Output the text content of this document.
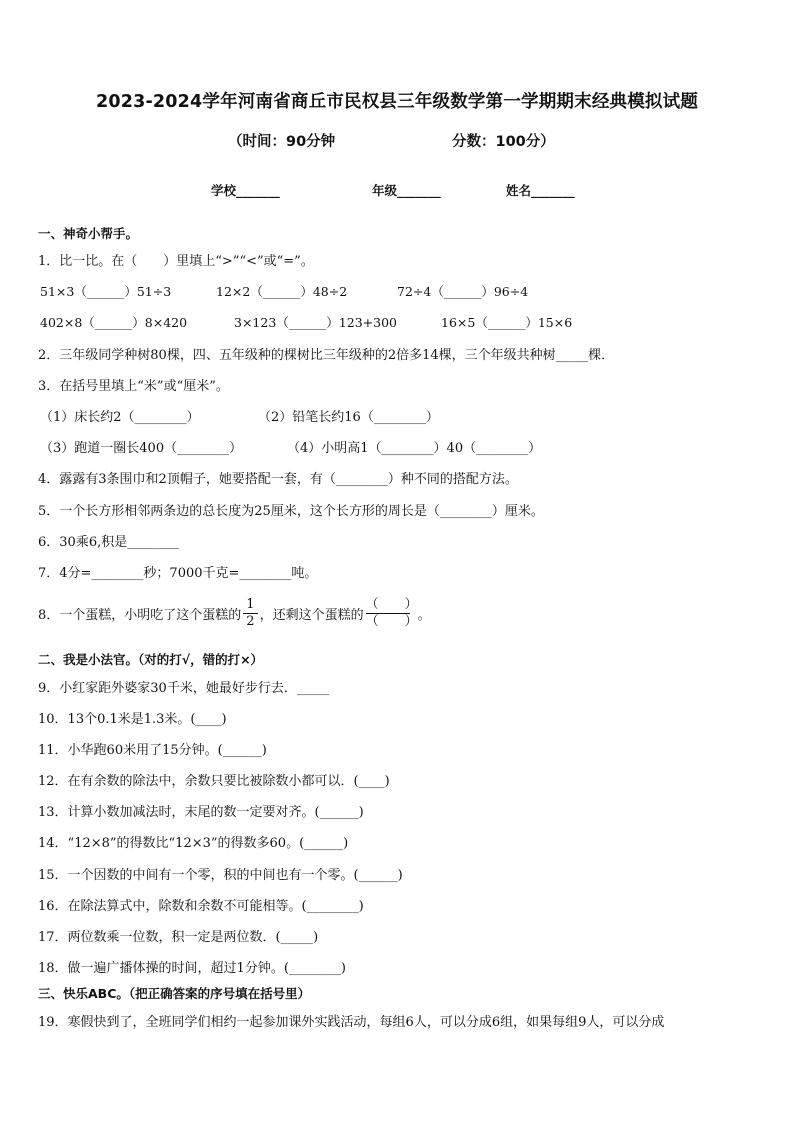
2023-2024学年河南省商丘市民权县三年级数学第一学期期末经典模拟试题
（时间：90分钟	分数：100分）
学校_______	年级_______	姓名_______
一、神奇小帮手。
1．比一比。在（　　）里填上“>”“<”或“=”。
51×3（______）51÷3	12×2（______）48÷2	72÷4（______）96÷4
402×8（______）8×420	3×123（______）123+300	16×5（______）15×6
2．三年级同学种树80棵，四、五年级种的棵树比三年级种的2倍多14棵，三个年级共种树_____棵．
3．在括号里填上“米”或“厘米”。
（1）床长约2（________）	（2）铅笔长约16（________）
（3）跑道一圈长400（________）	（4）小明高1（________）40（________）
4．露露有3条围巾和2顶帽子，她要搭配一套，有（________）种不同的搭配方法。
5．一个长方形相邻两条边的总长度为25厘米，这个长方形的周长是（________）厘米。
6．30乘6,积是________
7．4分=________秒；7000千克=________吨。
8．一个蛋糕，小明吃了这个蛋糕的 $\frac{1}{2}$ ，还剩这个蛋糕的 $\frac{( )}{( )}$ 。
二、我是小法官。（对的打√，错的打×）
9．小红家距外婆家30千米，她最好步行去．_____
10．13个0.1米是1.3米。(____)
11．小华跑60米用了15分钟。(______)
12．在有余数的除法中，余数只要比被除数小都可以．(____)
13．计算小数加减法时，末尾的数一定要对齐。(______)
14．“12×8”的得数比“12×3”的得数多60。(______)
15．一个因数的中间有一个零，积的中间也有一个零。(______)
16．在除法算式中，除数和余数不可能相等。(________)
17．两位数乘一位数，积一定是两位数．(_____)
18．做一遍广播体操的时间，超过1分钟。(________)
三、快乐ABC。（把正确答案的序号填在括号里）
19．寒假快到了，全班同学们相约一起参加课外实践活动，每组6人，可以分成6组，如果每组9人，可以分成
